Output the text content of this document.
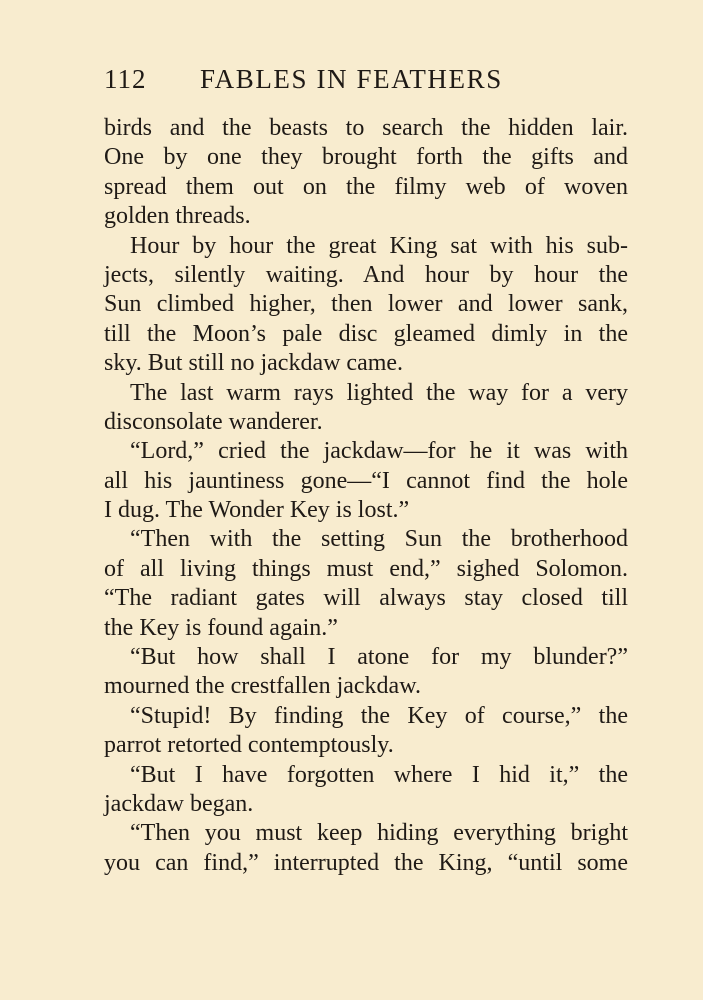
112 FABLES IN FEATHERS
birds and the beasts to search the hidden lair.
One by one they brought forth the gifts and
spread them out on the filmy web of woven
golden threads.
Hour by hour the great King sat with his sub-
jects, silently waiting. And hour by hour the
Sun climbed higher, then lower and lower sank,
till the Moon’s pale disc gleamed dimly in the
sky. But still no jackdaw came.
The last warm rays lighted the way for a very
disconsolate wanderer.
“Lord,” cried the jackdaw—for he it was with
all his jauntiness gone—“I cannot find the hole
I dug. The Wonder Key is lost.”
“Then with the setting Sun the brotherhood
of all living things must end,” sighed Solomon.
“The radiant gates will always stay closed till
the Key is found again.”
“But how shall I atone for my blunder?”
mourned the crestfallen jackdaw.
“Stupid! By finding the Key of course,” the
parrot retorted contemptously.
“But I have forgotten where I hid it,” the
jackdaw began.
“Then you must keep hiding everything bright
you can find,” interrupted the King, “until some
